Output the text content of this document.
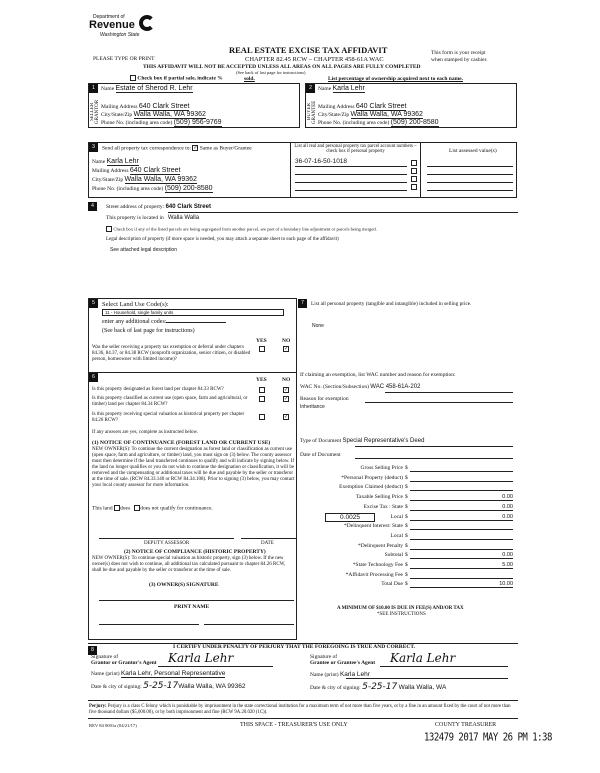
Department of
Revenue
Washington State
PLEASE TYPE OR PRINT
REAL ESTATE EXCISE TAX AFFIDAVIT
CHAPTER 82.45 RCW – CHAPTER 458-61A WAC
This form is your receipt
when stamped by cashier.
THIS AFFIDAVIT WILL NOT BE ACCEPTED UNLESS ALL AREAS ON ALL PAGES ARE FULLY COMPLETED
(See back of last page for instructions)
Check box if partial sale, indicate %	sold.	List percentage of ownership acquired next to each name.
1
SELLER GRANTOR
Name Estate of Sherod R. Lehr
Mailing Address 640 Clark Street
City/State/Zip Walla Walla, WA 99362
Phone No. (including area code) (509) 956-9769
2
BUYER GRANTEE
Name Karla Lehr
Mailing Address 640 Clark Street
City/State/Zip Walla Walla, WA 99362
Phone No. (including area code) (509) 200-8580
3	Send all property tax correspondence to: ✓ Same as Buyer/Grantee
Name Karla Lehr
Mailing Address 640 Clark Street
City/State/Zip Walla Walla, WA 99362
Phone No. (including area code) (509) 200-8580
List all real and personal property tax parcel account numbers – check box if personal property
36-07-16-50-1018
List assessed value(s)
4	Street address of property: 640 Clark Street
This property is located in Walla Walla
Check box if any of the listed parcels are being segregated from another parcel, are part of a boundary line adjustment or parcels being merged.
Legal description of property (if more space is needed, you may attach a separate sheet to each page of the affidavit)
See attached legal description
5	Select Land Use Code(s):
11 - Household, single family units
enter any additional codes:
(See back of last page for instructions)
YES	NO
Was the seller receiving a property tax exemption or deferral under chapters 84.36, 84.37, or 84.38 RCW (nonprofit organization, senior citizen, or disabled person, homeowner with limited income)?
✓
6	YES	NO
Is this property designated as forest land per chapter 84.33 RCW?	✓
Is this property classified as current use (open space, farm and agricultural, or timber) land per chapter 84.34 RCW?
✓
Is this property receiving special valuation as historical property per chapter 84.26 RCW?
✓
If any answers are yes, complete as instructed below.
(1) NOTICE OF CONTINUANCE (FOREST LAND OR CURRENT USE)
NEW OWNER(S): To continue the current designation as forest land or classification as current use (open space, farm and agriculture, or timber) land, you must sign on (3) below. The county assessor must then determine if the land transferred continues to qualify and will indicate by signing below. If the land no longer qualifies or you do not wish to continue the designation or classification, it will be removed and the compensating or additional taxes will be due and payable by the seller or transferor at the time of sale. (RCW 84.33.140 or RCW 84.34.108). Prior to signing (3) below, you may contact your local county assessor for more information.
This land does does not qualify for continuance.
DEPUTY ASSESSOR	DATE
(2) NOTICE OF COMPLIANCE (HISTORIC PROPERTY)
NEW OWNER(S): To continue special valuation as historic property, sign (3) below. If the new owner(s) does not wish to continue, all additional tax calculated pursuant to chapter 84.26 RCW, shall be due and payable by the seller or transferor at the time of sale.
(3) OWNER(S) SIGNATURE
PRINT NAME
7	List all personal property (tangible and intangible) included in selling price.
None
If claiming an exemption, list WAC number and reason for exemption:
WAC No. (Section/Subsection) WAC 458-61A-202
Reason for exemption
Inheritance
Type of Document Special Representative's Deed
Date of Document
Gross Selling Price $
*Personal Property (deduct) $
Exemption Claimed (deduct) $
Taxable Selling Price $	0.00
Excise Tax : State $	0.00
Local $	0.00
*Delinquent Interest: State $
Local $
*Delinquent Penalty $
Subtotal $	0.00
*State Technology Fee $	5.00
*Affidavit Processing Fee $
Total Due $	10.00
0.0025
A MINIMUM OF $10.00 IS DUE IN FEE(S) AND/OR TAX
*SEE INSTRUCTIONS
8	I CERTIFY UNDER PENALTY OF PERJURY THAT THE FOREGOING IS TRUE AND CORRECT.
Signature of
Grantor or Grantor's Agent Karla Lehr
Name (print) Karla Lehr, Personal Representative
Date & city of signing: 5-25-17Walla Walla, WA 99362
Signature of
Grantee or Grantee's Agent Karla Lehr
Name (print) Karla Lehr
Date & city of signing: 5-25-17 Walla Walla, WA
Perjury: Perjury is a class C felony which is punishable by imprisonment in the state correctional institution for a maximum term of not more than five years, or by a fine in an amount fixed by the court of not more than five thousand dollars ($5,000.00), or by both imprisonment and fine (RCW 9A.20.020 (1C)).
REV 84 0001a (04/21/17)	THIS SPACE - TREASURER'S USE ONLY	COUNTY TREASURER
132479 2017 MAY 26 PM 1:38
